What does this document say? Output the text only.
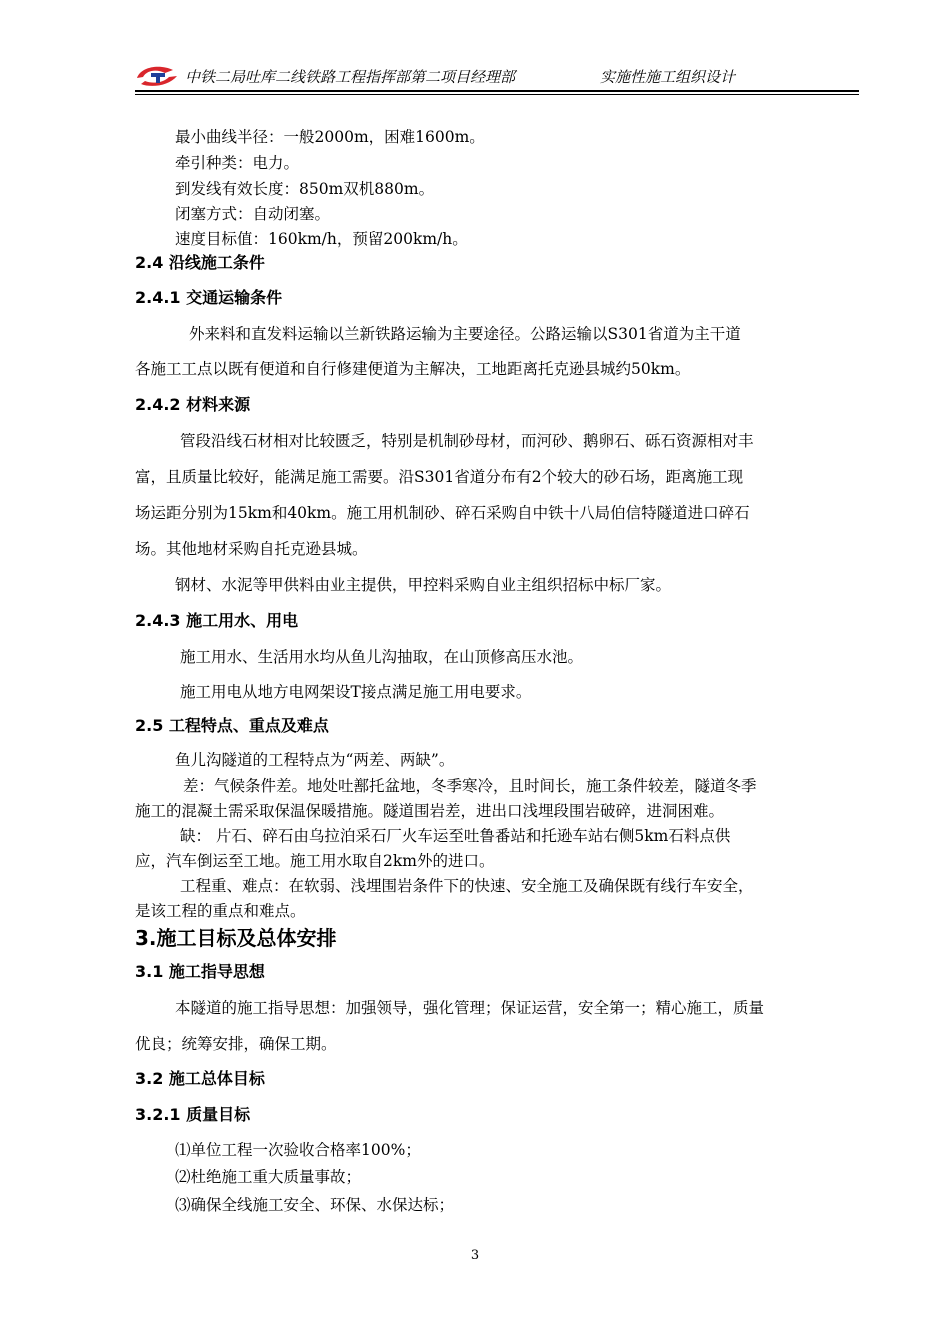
中铁二局吐库二线铁路工程指挥部第二项目经理部	实施性施工组织设计
最小曲线半径：一般2000m，困难1600m。
牵引种类：电力。
到发线有效长度：850m双机880m。
闭塞方式：自动闭塞。
速度目标值：160km/h，预留200km/h。
2.4 沿线施工条件
2.4.1 交通运输条件
外来料和直发料运输以兰新铁路运输为主要途径。公路运输以S301省道为主干道
各施工工点以既有便道和自行修建便道为主解决，工地距离托克逊县城约50km。
2.4.2 材料来源
管段沿线石材相对比较匮乏，特别是机制砂母材，而河砂、鹅卵石、砾石资源相对丰
富，且质量比较好，能满足施工需要。沿S301省道分布有2个较大的砂石场，距离施工现
场运距分别为15km和40km。施工用机制砂、碎石采购自中铁十八局伯信特隧道进口碎石
场。其他地材采购自托克逊县城。
钢材、水泥等甲供料由业主提供，甲控料采购自业主组织招标中标厂家。
2.4.3 施工用水、用电
施工用水、生活用水均从鱼儿沟抽取，在山顶修高压水池。
施工用电从地方电网架设T接点满足施工用电要求。
2.5 工程特点、重点及难点
鱼儿沟隧道的工程特点为“两差、两缺”。
差：气候条件差。地处吐鄯托盆地，冬季寒冷，且时间长，施工条件较差，隧道冬季
施工的混凝土需采取保温保暖措施。隧道围岩差，进出口浅埋段围岩破碎，进洞困难。
缺： 片石、碎石由乌拉泊采石厂火车运至吐鲁番站和托逊车站右侧5km石料点供
应，汽车倒运至工地。施工用水取自2km外的进口。
工程重、难点：在软弱、浅埋围岩条件下的快速、安全施工及确保既有线行车安全，
是该工程的重点和难点。
3.施工目标及总体安排
3.1 施工指导思想
本隧道的施工指导思想：加强领导，强化管理；保证运营，安全第一；精心施工，质量
优良；统筹安排，确保工期。
3.2 施工总体目标
3.2.1 质量目标
⑴单位工程一次验收合格率100%；
⑵杜绝施工重大质量事故；
⑶确保全线施工安全、环保、水保达标；
3
